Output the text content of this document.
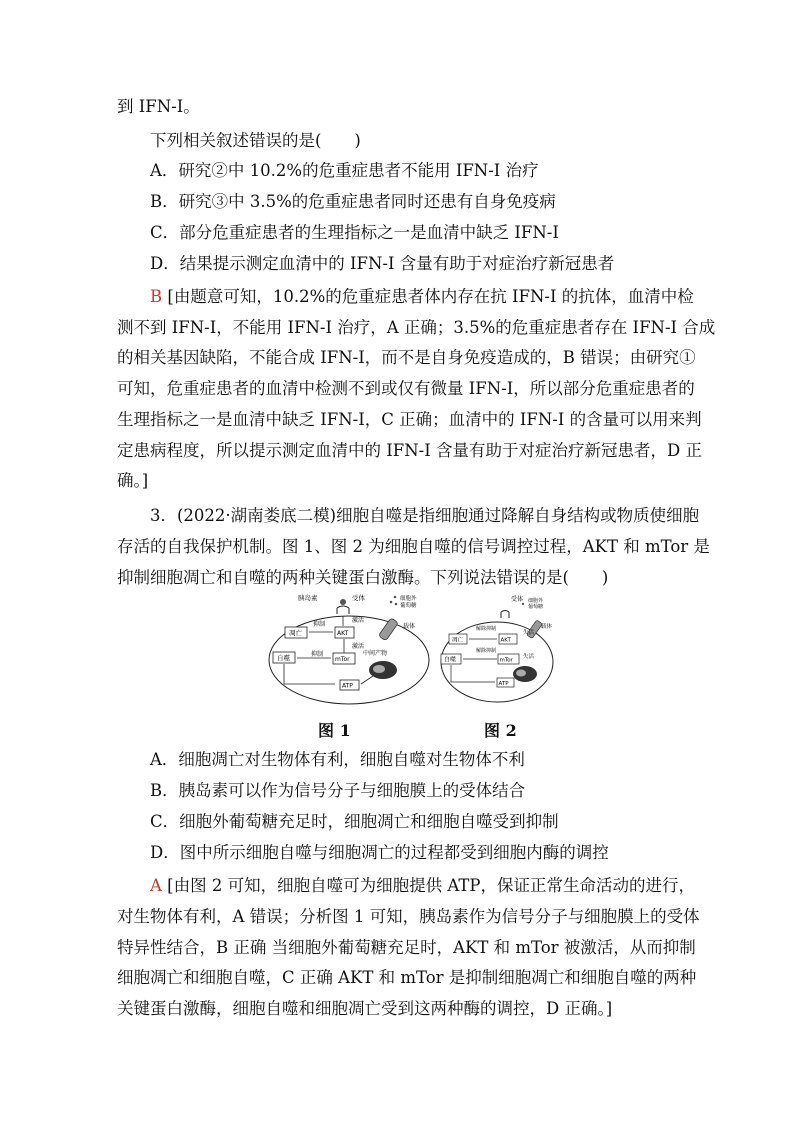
到 IFN-I。
下列相关叙述错误的是(　　)
A．研究②中 10.2%的危重症患者不能用 IFN-I 治疗
B．研究③中 3.5%的危重症患者同时还患有自身免疫病
C．部分危重症患者的生理指标之一是血清中缺乏 IFN-I
D．结果提示测定血清中的 IFN-I 含量有助于对症治疗新冠患者
B [由题意可知，10.2%的危重症患者体内存在抗 IFN-I 的抗体，血清中检
测不到 IFN-I，不能用 IFN-I 治疗，A 正确；3.5%的危重症患者存在 IFN-I 合成
的相关基因缺陷，不能合成 IFN-I，而不是自身免疫造成的，B 错误；由研究①
可知，危重症患者的血清中检测不到或仅有微量 IFN-I，所以部分危重症患者的
生理指标之一是血清中缺乏 IFN-I，C 正确；血清中的 IFN-I 的含量可以用来判
定患病程度，所以提示测定血清中的 IFN-I 含量有助于对症治疗新冠患者，D 正
确。]
3．(2022·湖南娄底二模)细胞自噬是指细胞通过降解自身结构或物质使细胞
存活的自我保护机制。图 1、图 2 为细胞自噬的信号调控过程，AKT 和 mTor 是
抑制细胞凋亡和自噬的两种关键蛋白激酶。下列说法错误的是(　　)
胰岛素	受体	细胞外
葡萄糖
载体
激活
抑制
凋亡	AKT
激活
中间产物
自噬	抑制
mTor
ATP
受体 细胞外
葡萄糖
载体
解除抑制
失活
凋亡	AKT
解除抑制
失活
自噬	mTor
ATP
图 1	图 2
A．细胞凋亡对生物体有利，细胞自噬对生物体不利
B．胰岛素可以作为信号分子与细胞膜上的受体结合
C．细胞外葡萄糖充足时，细胞凋亡和细胞自噬受到抑制
D．图中所示细胞自噬与细胞凋亡的过程都受到细胞内酶的调控
A [由图 2 可知，细胞自噬可为细胞提供 ATP，保证正常生命活动的进行，
对生物体有利，A 错误；分析图 1 可知，胰岛素作为信号分子与细胞膜上的受体
特异性结合，B 正确 当细胞外葡萄糖充足时，AKT 和 mTor 被激活，从而抑制
细胞凋亡和细胞自噬，C 正确 AKT 和 mTor 是抑制细胞凋亡和细胞自噬的两种
关键蛋白激酶，细胞自噬和细胞凋亡受到这两种酶的调控，D 正确。]
